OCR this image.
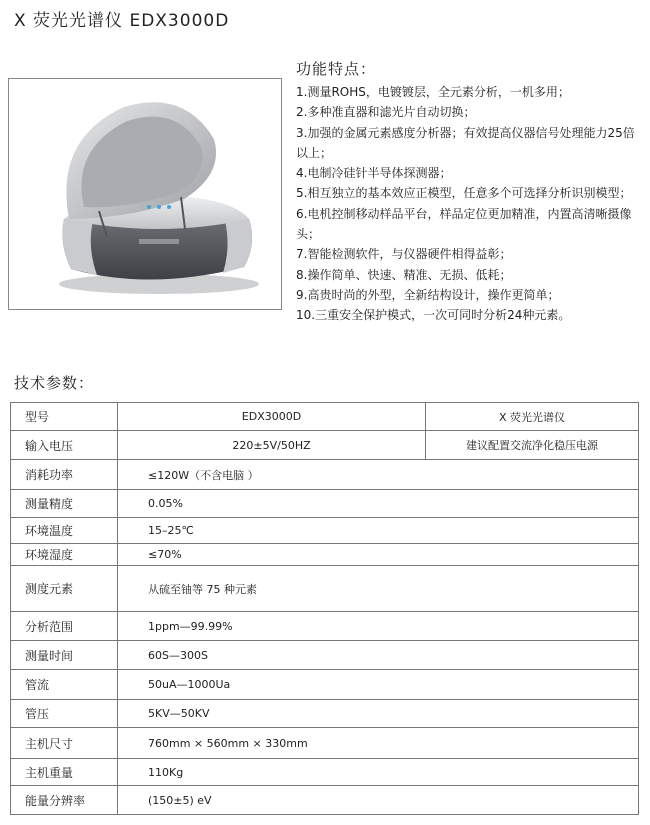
X 荧光光谱仪 EDX3000D
功能特点：
1.测量ROHS，电镀镀层，全元素分析，一机多用；
2.多种准直器和滤光片自动切换；
3.加强的金属元素感度分析器；有效提高仪器信号处理能力25倍以上；
4.电制冷硅针半导体探测器；
5.相互独立的基本效应正模型，任意多个可选择分析识别模型；
6.电机控制移动样品平台，样品定位更加精准，内置高清晰摄像头；
7.智能检测软件，与仪器硬件相得益彰；
8.操作简单、快速、精准、无损、低耗；
9.高贵时尚的外型，全新结构设计，操作更简单；
10.三重安全保护模式，一次可同时分析24种元素。
技术参数：
型号	EDX3000D	X 荧光光谱仪
输入电压	220±5V/50HZ	建议配置交流净化稳压电源
消耗功率	≤120W（不含电脑 ）	
测量精度	0.05%	
环境温度	15–25℃	
环境湿度	≤70%	
测度元素	从硫至铀等 75 种元素	
分析范围	1ppm—99.99%	
测量时间	60S—300S	
管流	50uA—1000Ua	
管压	5KV—50KV	
主机尺寸	760mm × 560mm × 330mm	
主机重量	110Kg	
能量分辨率	(150±5) eV	
